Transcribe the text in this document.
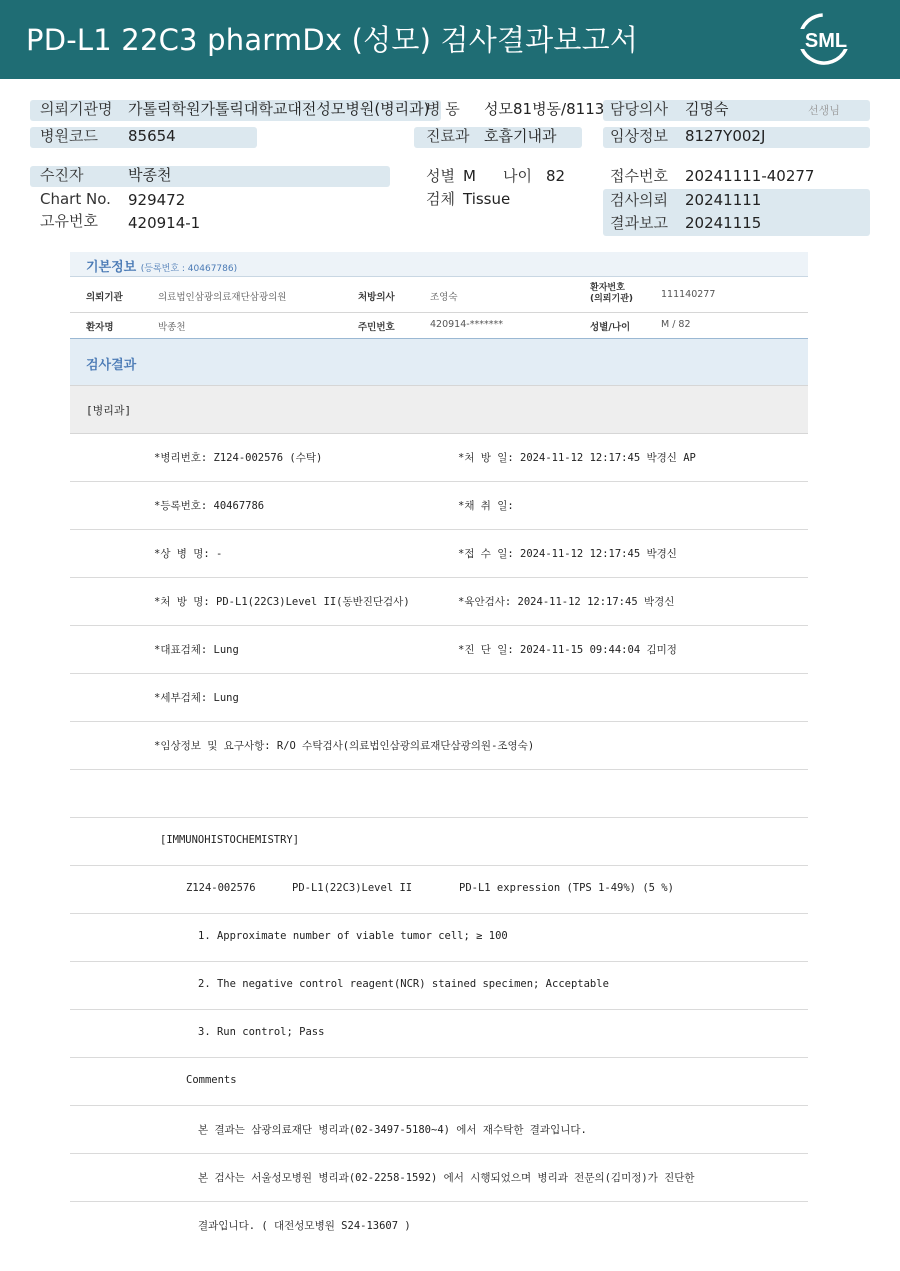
PD-L1 22C3 pharmDx (성모) 검사결과보고서	SML
의뢰기관명 가톨릭학원가톨릭대학교대전성모병원(병리과)
병 동 성모81병동/8113 담당의사 김명숙	선생님
병원코드 85654	진료과 호흡기내과	임상정보 8127Y002J
수진자	박종천	성별 M 나이 82	접수번호 20241111-40277
Chart No. 929472	검체 Tissue	검사의뢰 20241111
고유번호 420914-1	결과보고 20241115
기본정보 (등록번호 : 40467786)
의뢰기관	의료법인삼광의료재단삼광의원	처방의사	조영숙
환자번호
(의뢰기관)	111140277
환자명	박종천	주민번호	420914-*******	성별/나이	M / 82
검사결과
[병리과]
*병리번호: Z124-002576 (수탁)	*처 방 일: 2024-11-12 12:17:45 박경신 AP
*등록번호: 40467786	*채 취 일:
*상 병 명: -	*접 수 일: 2024-11-12 12:17:45 박경신
*처 방 명: PD-L1(22C3)Level II(동반진단검사)	*육안검사: 2024-11-12 12:17:45 박경신
*대표검체: Lung	*진 단 일: 2024-11-15 09:44:04 김미정
*세부검체: Lung
*임상정보 및 요구사항: R/O 수탁검사(의료법인삼광의료재단삼광의원-조영숙)
[IMMUNOHISTOCHEMISTRY]
Z124-002576	PD-L1(22C3)Level II	PD-L1 expression (TPS 1-49%) (5 %)
1. Approximate number of viable tumor cell; ≥ 100
2. The negative control reagent(NCR) stained specimen; Acceptable
3. Run control; Pass
Comments
본 결과는 삼광의료재단 병리과(02-3497-5180~4) 에서 재수탁한 결과입니다.
본 검사는 서울성모병원 병리과(02-2258-1592) 에서 시행되었으며 병리과 전문의(김미정)가 진단한
결과입니다. ( 대전성모병원 S24-13607 )
